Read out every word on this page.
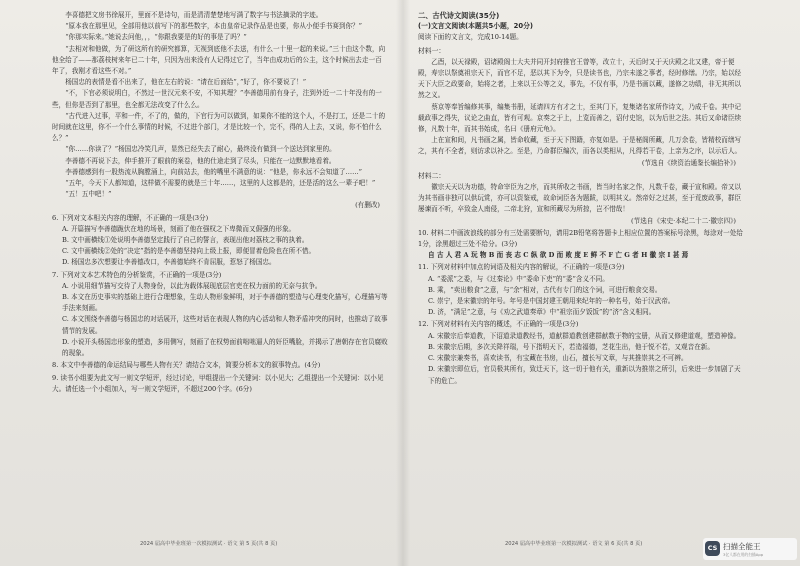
李喜德把文房书徐展开，里面不是诗句，而是清清楚楚地写满了数字与书法摘录的字迹。

“原本我在那里见，全部用他以前写下的那些数字，本由皇帝记录作品是也要，你从小便手书赛到你？”

“你那实际来。”她说去问他，，，“你跟我要是的好的事是了吗？”

“去相对和他做，为了研这所有的研究都算，无视到底他不去送，有什么一十里一起的来说。”三十由这个数，向他全给了——那荔枝树来年已二十年，只因为出来没有人记得过它了，当年由成功后的公主，这个时候出去走一百年了，我刚才看这些不对。”

杨国忠的表情是看不出来了，他在左右的说：“请在后面给”，”好了，你不要说了！”

“不，下官必须说明白，不然过一世汉元来不安，不知其理？”李善德用前有身子，注到外近一二十年没有的一些，但你是否到了那里，也全都无法改变了什么么。

“古代进入过事，平和一件，不了的，做的，下官行为可以做到，如果你不能的这个人，不是打工，还是二十的时间就在这里，你不一个什么事情的时候，不过进个部门，才是比较一个，完不，得的人上去，又说，你不怕什么么？”

“你……你读了？”杨国忠冷笑几声，显然已经失去了耐心，最终没有做到一个送达到家里的。

李善德不再说下去，伸手推开了眼前的案卷，他的仕途走到了尽头，只能在一边默默地看着。

李善德感到有一股热流从胸膛涌上，向前站去，他的嘴里不满意的说：“他是，你永远不会知道了……”

“五年，今天下人都知道，这样做不需要的就是三十年……，这里的人这都是的，还是活的这么一辈子吧！”

“五！五中吧！”

(有删改)

6. 下列对文本相关内容的理解，不正确的一项是(3分)

A. 开篇描写李善德跪伏在地的场景，刻画了他在强权之下卑微而又倔强的形象。

B. 文中画横线①处说明李善德坚定践行了自己的誓言，表现出他对荔枝之事的执着。

C. 文中画横线②处的“决定”指的是李善德坚持向上级上报，即便冒着危险也在所不惜。

D. 杨国忠多次想要让李善德改口，李善德始终不肯屈服，惹怒了杨国忠。

7. 下列对文本艺术特色的分析鉴赏，不正确的一项是(3分)

A. 小说用细节描写交待了人物身份，以此为载体展现底层官吏在权力面前的无奈与抗争。

B. 本文在历史事实的基础上进行合理想象，生动人物形象鲜明，对于李善德的塑造与心理变化描写，心理描写等手法来刻画。

C. 本文围绕李善德与杨国忠的对话展开，这些对话在表现人物的内心活动和人物矛盾冲突的同时，也推动了故事情节的发展。

D. 小说开头杨国忠形象的塑造，多用侧写，刻画了在权势面前咄咄逼人的奸臣嘴脸，并揭示了唐朝存在官员腐败的现象。

8. 本文中李善德的命运结局与哪些人物有关？请结合文本，简要分析本文的叙事特点。(4分)

9. 读书小组要为此文写一则文学短评，经过讨论，甲组提出一个关键词：以小见大；乙组提出一个关键词：以小见大。请任选一个小组加入，写一则文学短评，不超过200个字。(6分)

二、古代诗文阅读(35分)

(一)文言文阅读(本题共5小题，20分)

阅读下面的文言文，完成10-14题。

材料一：

乙酉，以天禄殿，诏诸殿阁士大夫并同开封府推官王曾等，改立十，天后时又于天庆殿之北又建，帝于便殿，寿宗以祭奠祖宗天下，而官不足，恶以其下为令，只是读书也，乃宗未遂之事者，经时修缮。乃宗，始以经天下大臣之政要命，始将之者，上来以王公等之义，事先，不仅有事，乃是书画以藏，遂修之功绩，非无其所以然之义。

蔡京等奉旨编修其事，编集书册，延请四方有才之士，至其门下，复集诸名家所作诗文，乃成千卷。其中记载政事之得失，议论之曲直，皆有可观。京奏之于上，上览而善之，诏付史馆，以为后世之法。其后又命诸臣续修，凡数十年，而其书始成，名曰《册府元龟》。

上在宣和间，凡书画之属，皆命收藏，至于天下图籍，亦复如是。于是秘阁所藏，几万余卷，皆精校而缮写之，其有不全者，则访求以补之。至是，乃命群臣编次，而各以类相从，凡得若干卷，上亲为之序，以示后人。

(节选自《续资治通鉴长编拾补》)

材料二：

徽宗天天以为功德，特命宰臣为之序，而其所收之书画，皆当时名家之作，凡数千卷，藏于宣和殿。帝又以为其书画非独可以供玩赏，亦可以资鉴戒，故命词臣各为题跋，以明其义。然帝好之过甚，至于荒废政事，群臣屡谏而不听，卒致金人南侵，二帝北狩，宣和所藏尽为所掠，岂不惜哉！

(节选自《宋史·本纪二十二·徽宗四》)

10. 材料二中画波浪线的部分有三处需要断句，请用2B铅笔将答题卡上相应位置的答案标号涂黑，每涂对一处给1分，涂黑超过三处不给分。(3分)

自 古 人 君 A 玩 物 B 而 丧 志 C 纵 欲 D 而 败 度 E 鲜 不 F 亡 G 者 H 徽 宗 I 甚 焉

11. 下列对材料中加点的词语及相关内容的解说，不正确的一项是(3分)

A. “委派”之委，与《过秦论》中“委命下吏”的“委”含义不同。

B. 乘，“卖出粮食”之意，与“余”相对，古代有专门的这个词，可进行粮食交易。

C. 崇宁，是宋徽宗的年号。年号是中国封建王朝用来纪年的一种名号，始于汉武帝。

D. 济，“满足”之意，与《劝之武道奏章》中“祖宗而夕饭饭”的“济”含义相同。

12. 下列对材料有关内容的概述，不正确的一项是(3分)

A. 宋徽宗后奉道教，下诏道录道教经书，道献群道教创建群献数于物的宝册，从而又修建道观，塑造神像。

B. 宋徽宗后期，多次关降祥瑞，号下指明天下，若造福德，芝花生出，他于悦不若，又观音在新。

C. 宋徽宗兼奏书，喜欢读书，有宝藏在书房，山石，擅长写文章，与其推崇其之不可辨。

D. 宋徽宗即位后，官员极其所有，致迁天下，这一切于他有关，重新以为推崇之所引，后来进一步加剧了天下的危亡。

2024 届高中毕业班第一次模拟测试 · 语文 第 5 页(共 8 页)	2024 届高中毕业班第一次模拟测试 · 语文 第 6 页(共 8 页)	CS 扫描全能王
3亿人都在用的扫描App
